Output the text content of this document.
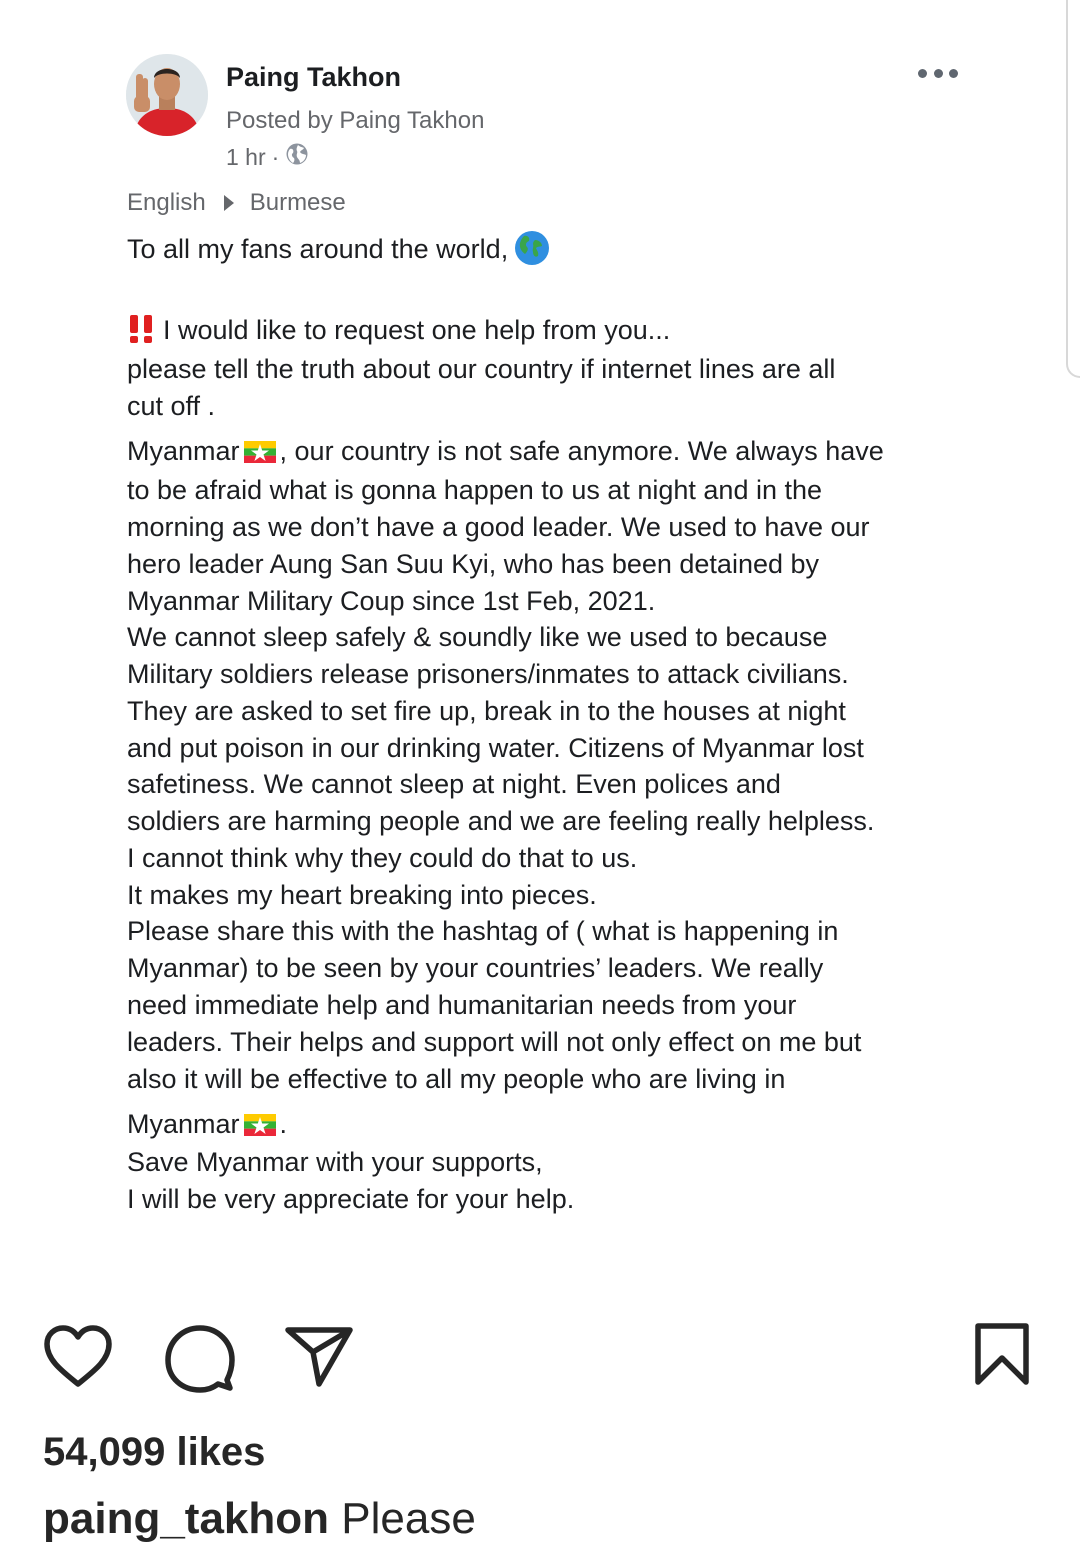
Paing Takhon
Posted by Paing Takhon
1 hr ·
English Burmese
To all my fans around the world,
I would like to request one help from you...
please tell the truth about our country if internet lines are all
cut off .
Myanmar , our country is not safe anymore. We always have
to be afraid what is gonna happen to us at night and in the
morning as we don’t have a good leader. We used to have our
hero leader Aung San Suu Kyi, who has been detained by
Myanmar Military Coup since 1st Feb, 2021.
We cannot sleep safely & soundly like we used to because
Military soldiers release prisoners/inmates to attack civilians.
They are asked to set fire up, break in to the houses at night
and put poison in our drinking water. Citizens of Myanmar lost
safetiness. We cannot sleep at night. Even polices and
soldiers are harming people and we are feeling really helpless.
I cannot think why they could do that to us.
It makes my heart breaking into pieces.
Please share this with the hashtag of ( what is happening in
Myanmar) to be seen by your countries’ leaders. We really
need immediate help and humanitarian needs from your
leaders. Their helps and support will not only effect on me but
also it will be effective to all my people who are living in
Myanmar .
Save Myanmar with your supports,
I will be very appreciate for your help.
54,099 likes
paing_takhon Please
